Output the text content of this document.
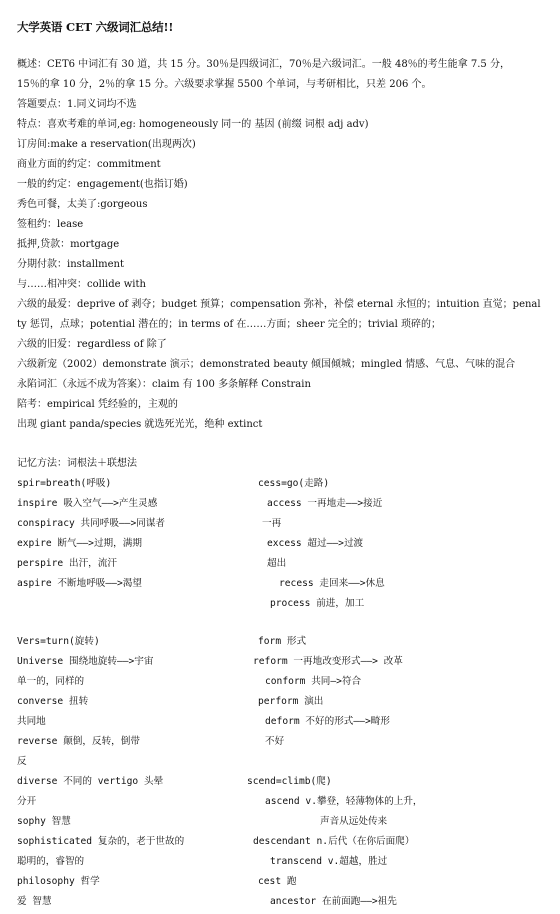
大学英语 CET 六级词汇总结!!
概述：CET6 中词汇有 30 道，共 15 分。30％是四级词汇，70％是六级词汇。一般 48％的考生能拿 7.5 分，
15％的拿 10 分，2％的拿 15 分。六级要求掌握 5500 个单词，与考研相比，只差 206 个。
答题要点：1.同义词均不选
特点：喜欢考难的单词,eg: homogeneously 同一的 基因 (前缀 词根 adj adv)
订房间:make a reservation(出现两次)
商业方面的约定：commitment
一般的约定：engagement(也指订婚)
秀色可餐，太美了:gorgeous
签租约：lease
抵押,贷款：mortgage
分期付款：installment
与……相冲突：collide with
六级的最爱：deprive of 剥夺；budget 预算；compensation 弥补，补偿 eternal 永恒的；intuition 直觉；penal
ty 惩罚，点球；potential 潜在的；in terms of 在……方面；sheer 完全的；trivial 琐碎的；
六级的旧爱：regardless of 除了
六级新宠（2002）demonstrate 演示；demonstrated beauty 倾国倾城；mingled 情感、气息、气味的混合
永陷词汇（永远不成为答案）：claim 有 100 多条解释 Constrain
陪考：empirical 凭经验的，主观的
出现 giant panda/species 就选死光光，绝种 extinct
记忆方法：词根法＋联想法
spir=breath(呼吸)
inspire 吸入空气——>产生灵感
conspiracy 共同呼吸——>同谋者
expire 断气——>过期，满期
perspire 出汗，流汗
aspire 不断地呼吸——>渴望
Vers=turn(旋转)
Universe 围绕地旋转——>宇宙
单一的，同样的
converse 扭转
共同地
reverse 颠倒，反转，倒带
反
diverse 不同的 vertigo 头晕
分开
sophy 智慧
sophisticated 复杂的，老于世故的
聪明的，睿智的
philosophy 哲学
爱 智慧
cess=go(走路)
access 一再地走——>接近
一再
excess 超过——>过渡
超出
recess 走回来——>休息
process 前进，加工
form 形式
reform 一再地改变形式——> 改革
conform 共同—>符合
perform 演出
deform 不好的形式——>畸形
不好
scend=climb(爬)
ascend v.攀登，轻薄物体的上升，
声音从远处传来
descendant n.后代（在你后面爬）
transcend v.超越，胜过
cest 跑
ancestor 在前面跑——>祖先
